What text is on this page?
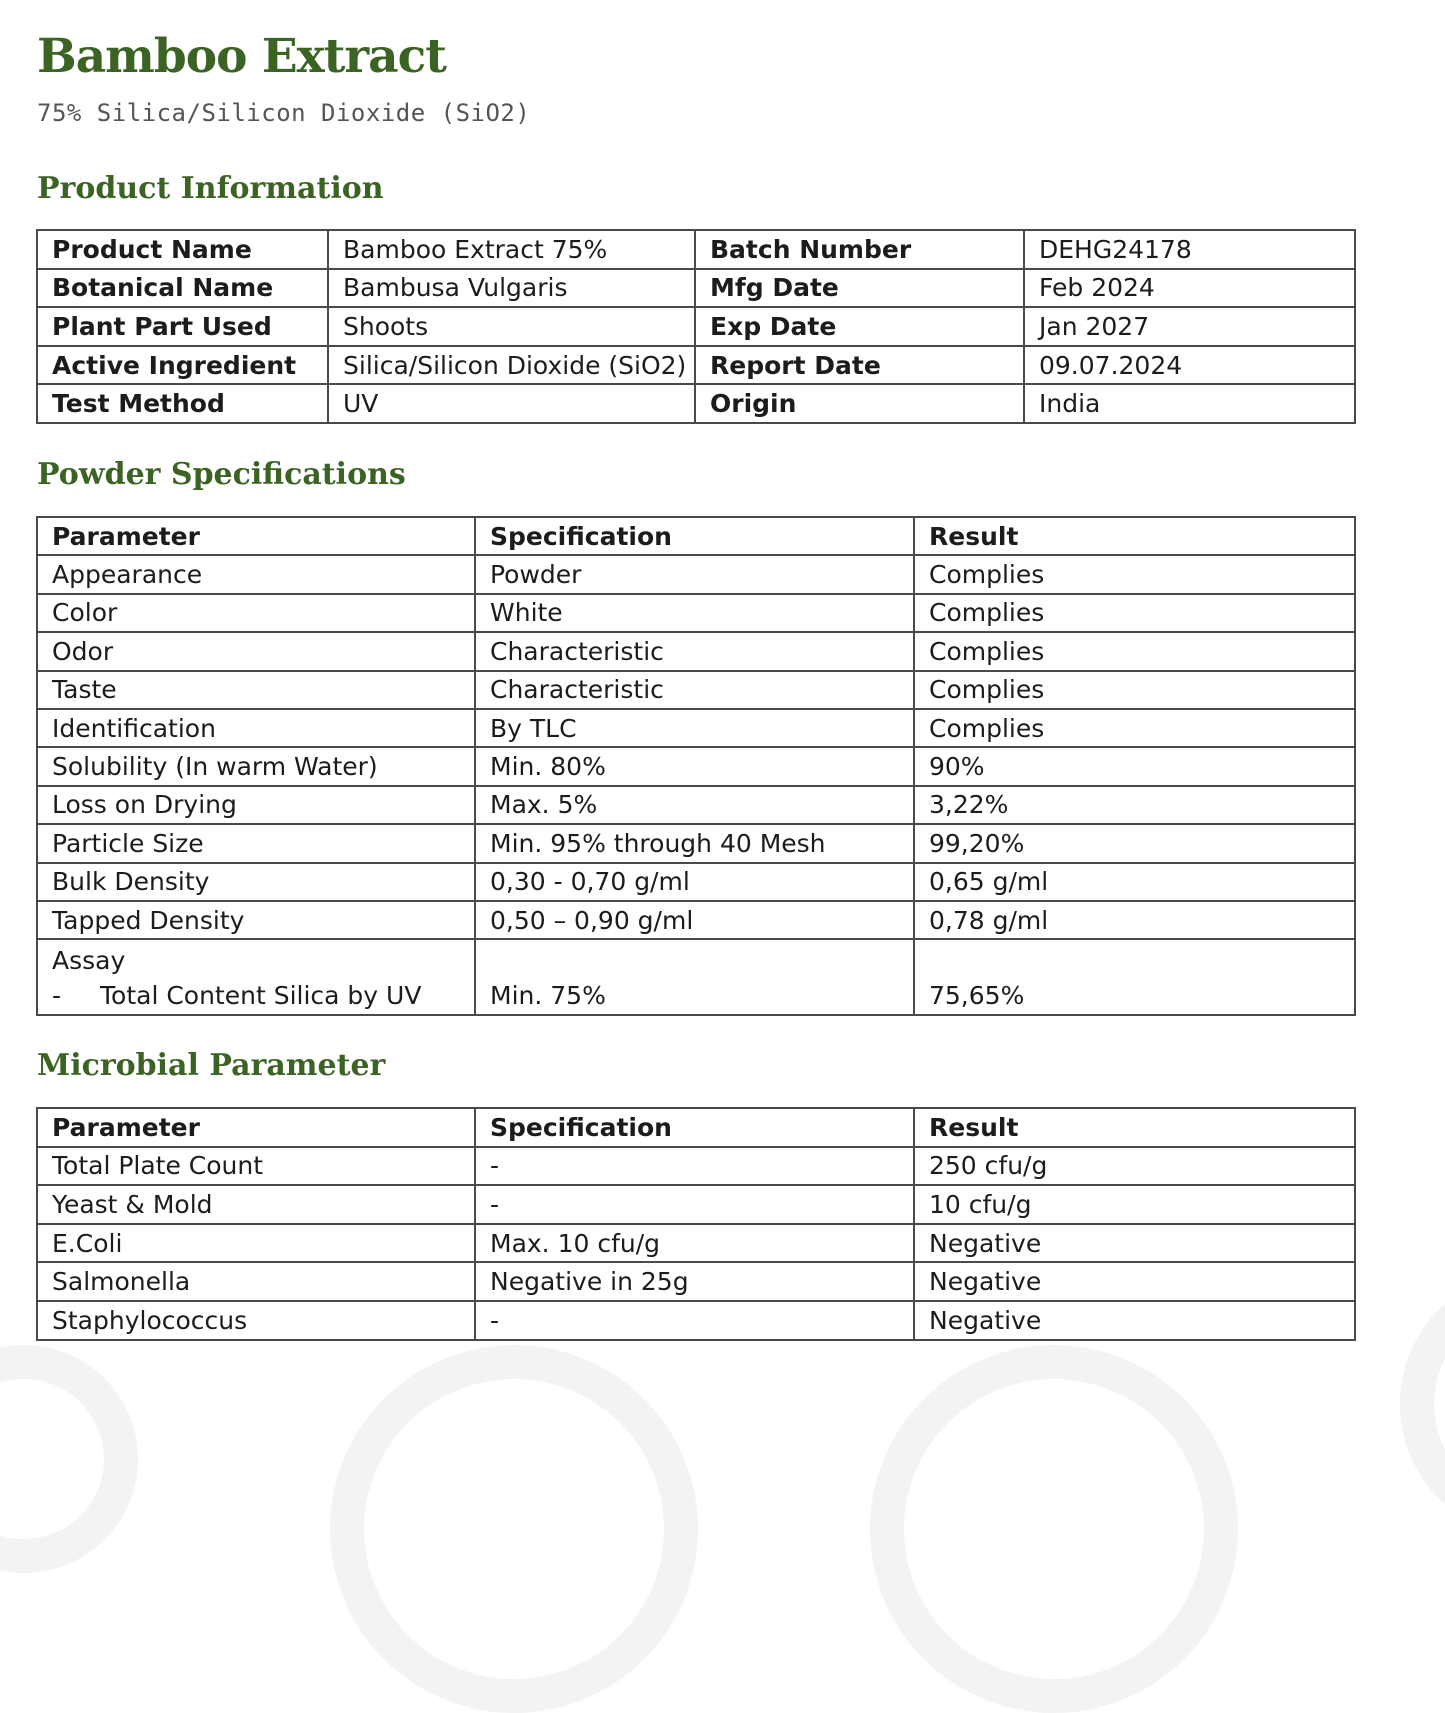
Bamboo Extract

75% Silica/Silicon Dioxide (SiO2)

Product Information
Product Name	Bamboo Extract 75%	Batch Number	DEHG24178
Botanical Name	Bambusa Vulgaris	Mfg Date	Feb 2024
Plant Part Used	Shoots	Exp Date	Jan 2027
Active Ingredient	Silica/Silicon Dioxide (SiO2)	Report Date	09.07.2024
Test Method	UV	Origin	India
Powder Specifications
Parameter	Specification	Result
Appearance	Powder	Complies
Color	White	Complies
Odor	Characteristic	Complies
Taste	Characteristic	Complies
Identification	By TLC	Complies
Solubility (In warm Water)	Min. 80%	90%
Loss on Drying	Max. 5%	3,22%
Particle Size	Min. 95% through 40 Mesh	99,20%
Bulk Density	0,30 - 0,70 g/ml	0,65 g/ml
Tapped Density	0,50 – 0,90 g/ml	0,78 g/ml
Assay
- Total Content Silica by UV	Min. 75%	75,65%
Microbial Parameter
Parameter	Specification	Result
Total Plate Count	-	250 cfu/g
Yeast & Mold	-	10 cfu/g
E.Coli	Max. 10 cfu/g	Negative
Salmonella	Negative in 25g	Negative
Staphylococcus	-	Negative
